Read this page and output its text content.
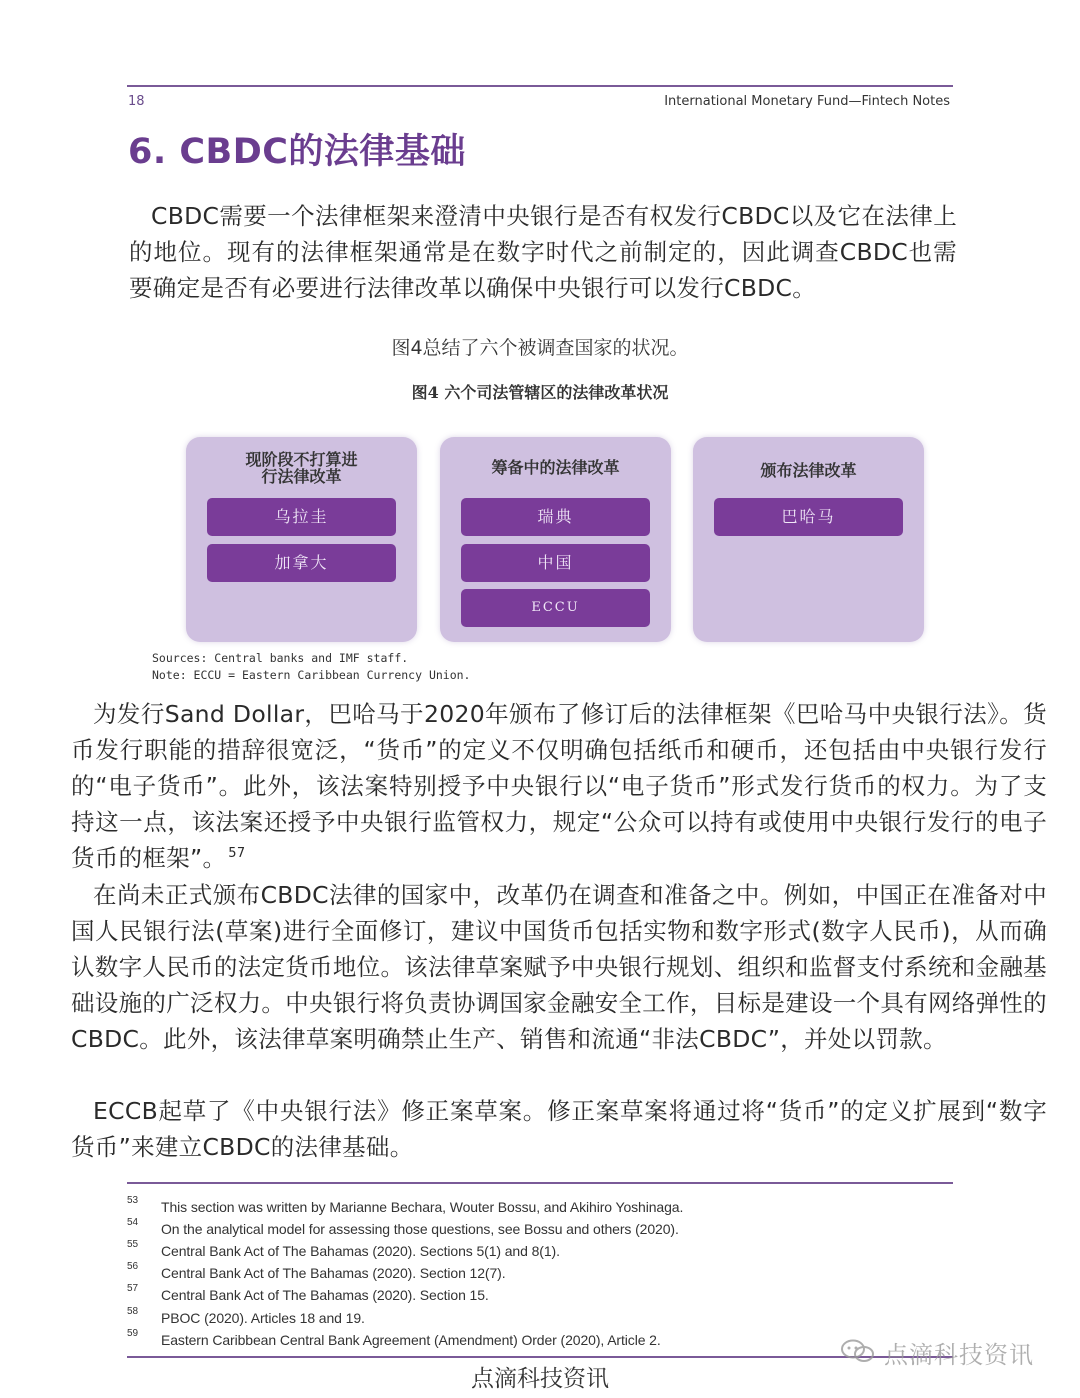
18	International Monetary Fund—Fintech Notes
6. CBDC的法律基础

CBDC需要一个法律框架来澄清中央银行是否有权发行CBDC以及它在法律上的地位。现有的法律框架通常是在数字时代之前制定的，因此调查CBDC也需要确定是否有必要进行法律改革以确保中央银行可以发行CBDC。

图4总结了六个被调查国家的状况。
图4 六个司法管辖区的法律改革状况
现阶段不打算进
行法律改革
乌拉圭
加拿大
筹备中的法律改革
瑞典
中国
ECCU
颁布法律改革
巴哈马
Sources: Central banks and IMF staff.
Note: ECCU = Eastern Caribbean Currency Union.

为发行Sand Dollar，巴哈马于2020年颁布了修订后的法律框架《巴哈马中央银行法》。货币发行职能的措辞很宽泛，“货币”的定义不仅明确包括纸币和硬币，还包括由中央银行发行的“电子货币”。此外，该法案特别授予中央银行以“电子货币”形式发行货币的权力。为了支持这一点，该法案还授予中央银行监管权力，规定“公众可以持有或使用中央银行发行的电子货币的框架”。 $^{57}$

在尚未正式颁布CBDC法律的国家中，改革仍在调查和准备之中。例如，中国正在准备对中国人民银行法(草案)进行全面修订，建议中国货币包括实物和数字形式(数字人民币)，从而确认数字人民币的法定货币地位。该法律草案赋予中央银行规划、组织和监督支付系统和金融基础设施的广泛权力。中央银行将负责协调国家金融安全工作，目标是建设一个具有网络弹性的CBDC。此外，该法律草案明确禁止生产、销售和流通“非法CBDC”，并处以罚款。

ECCB起草了《中央银行法》修正案草案。修正案草案将通过将“货币”的定义扩展到“数字货币”来建立CBDC的法律基础。

53 This section was written by Marianne Bechara, Wouter Bossu, and Akihiro Yoshinaga.
54 On the analytical model for assessing those questions, see Bossu and others (2020).
55 Central Bank Act of The Bahamas (2020). Sections 5(1) and 8(1).
56 Central Bank Act of The Bahamas (2020). Section 12(7).
57 Central Bank Act of The Bahamas (2020). Section 15.
58 PBOC (2020). Articles 18 and 19.
59 Eastern Caribbean Central Bank Agreement (Amendment) Order (2020), Article 2.
点滴科技资讯
点滴科技资讯
